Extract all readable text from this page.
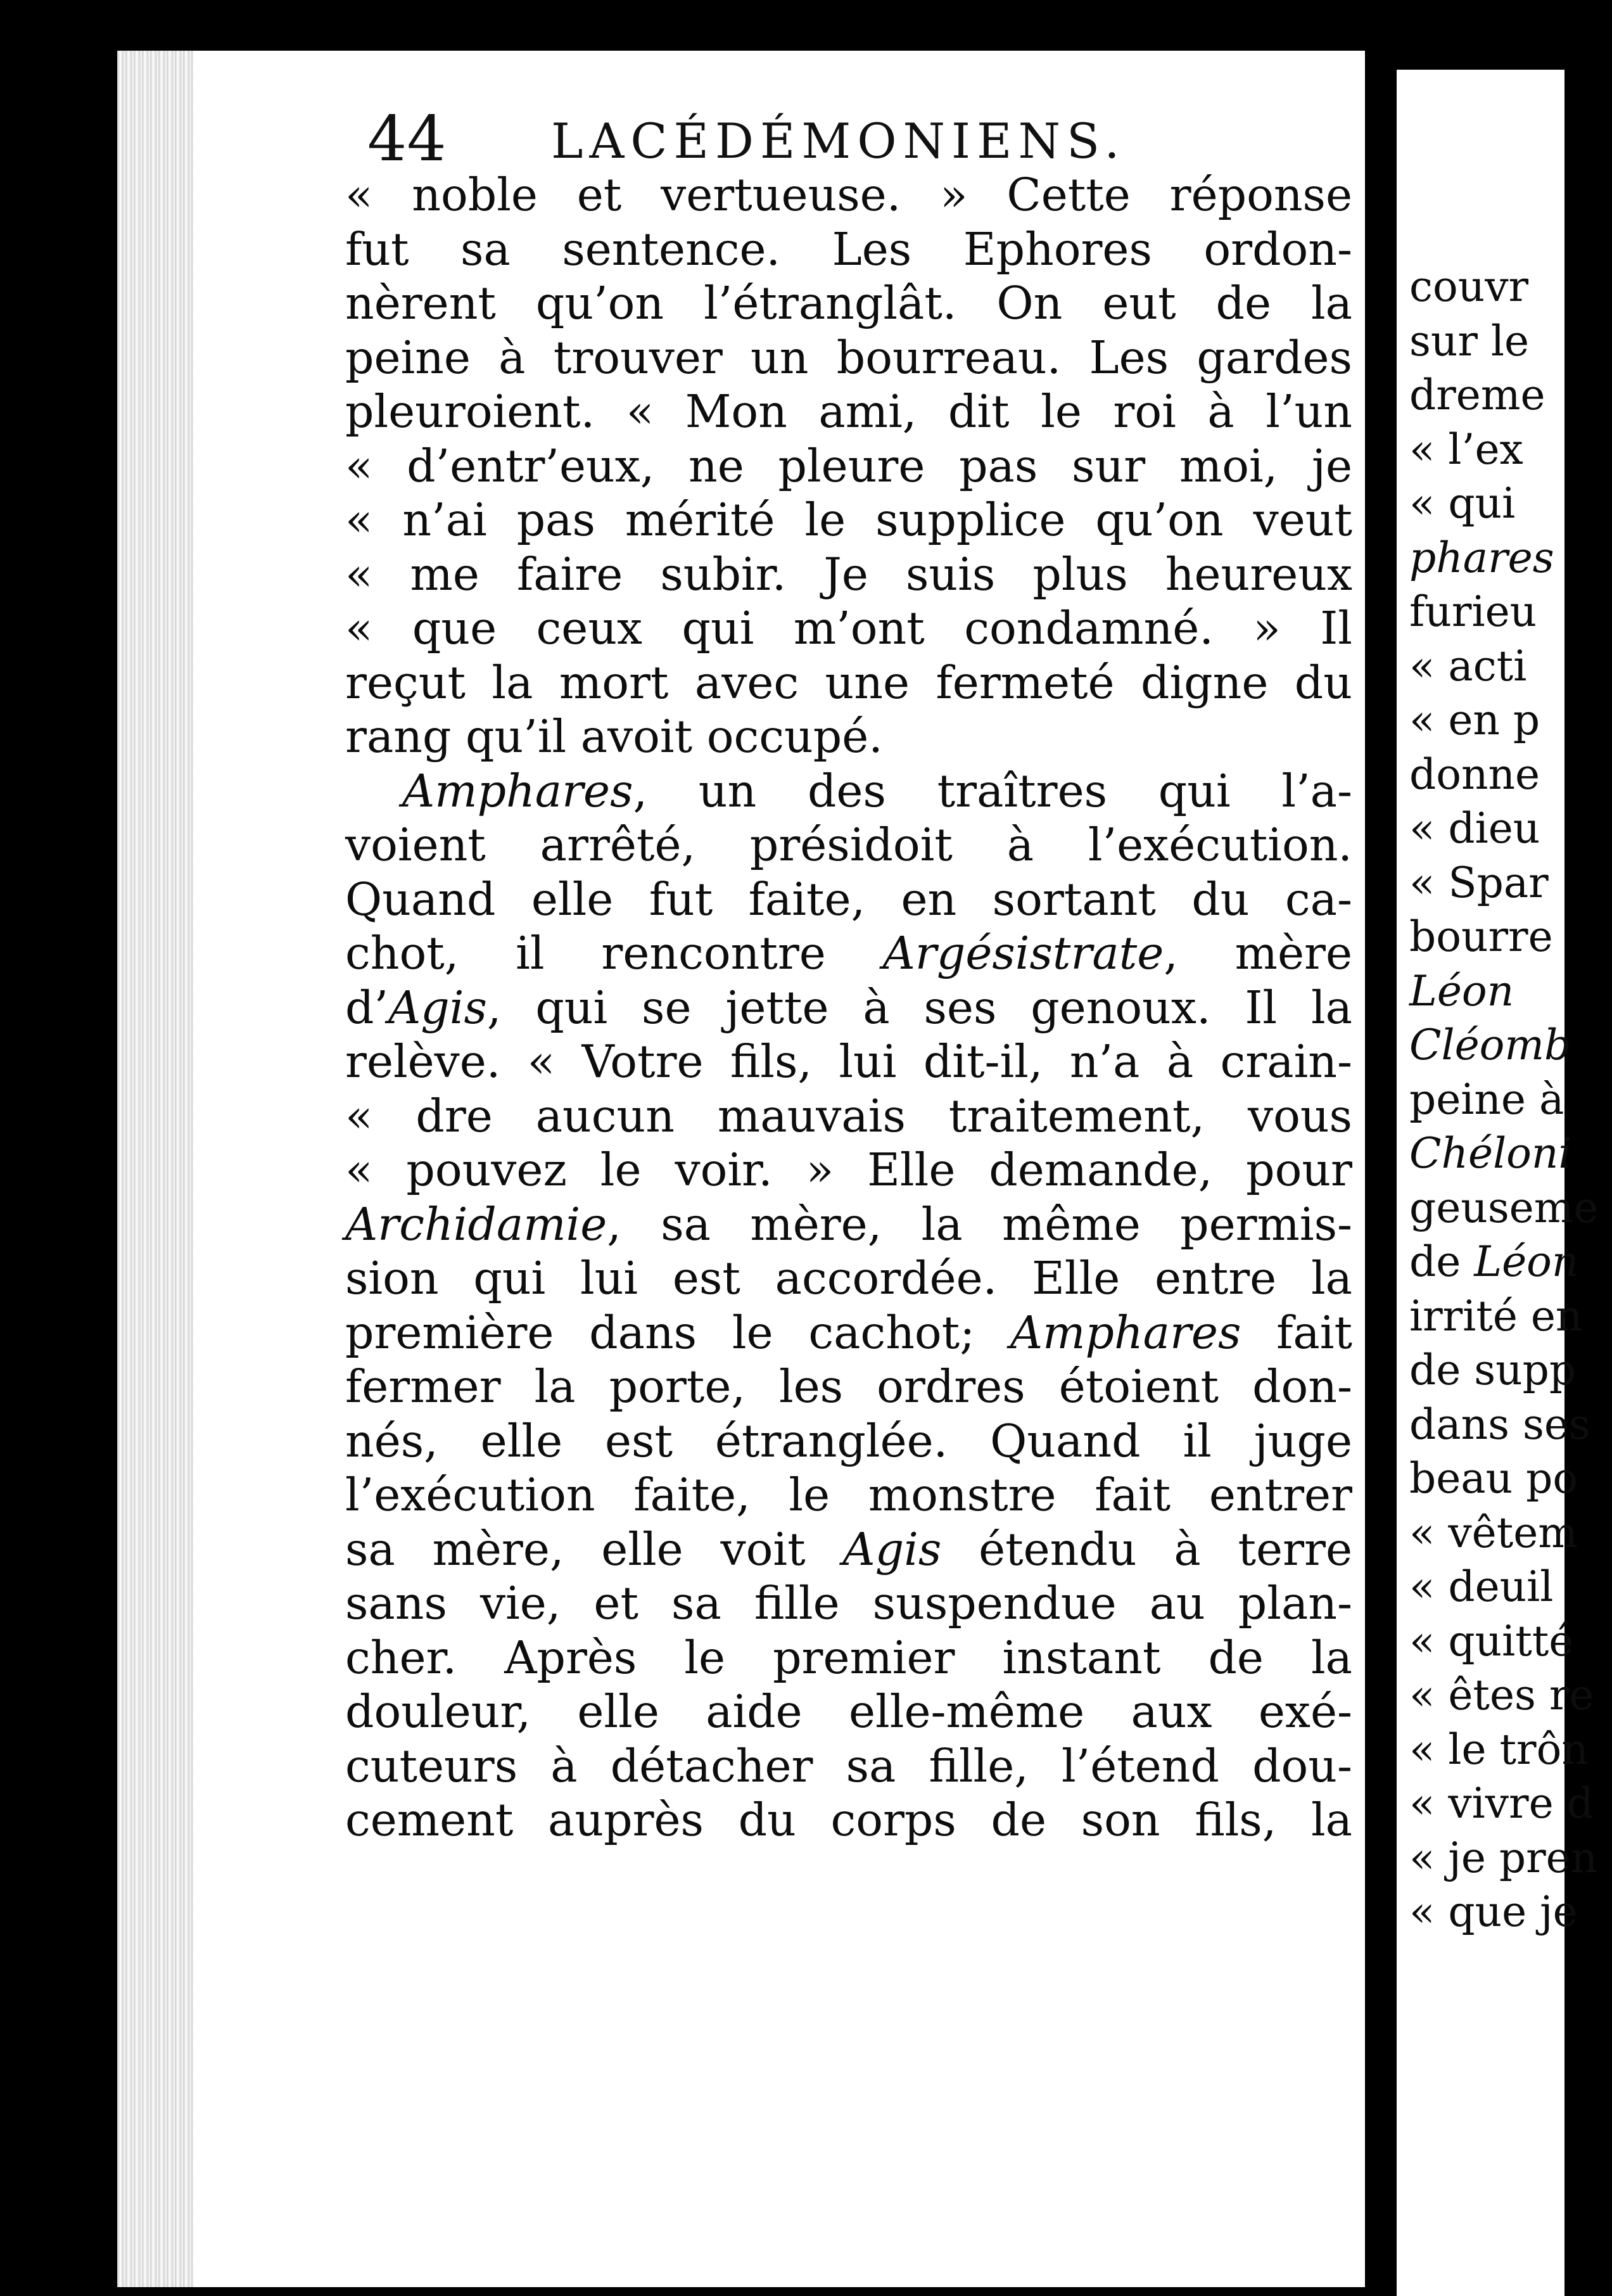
couvr
sur le
dreme
« l’ex
« qui
phares
furieu
« acti
« en p
donne
« dieu
« Spar
bourre
Léon
Cléomb
peine à
Chéloni
geuseme
de Léon
irrité en
de supp
dans ses
beau po
« vêtem
« deuil
« quitté
« êtes re
« le trôn
« vivre d
« je pren
« que je
44 LACÉDÉMONIENS.
« noble et vertueuse. » Cette réponse
fut sa sentence. Les Ephores ordon-
nèrent qu’on l’étranglât. On eut de la
peine à trouver un bourreau. Les gardes
pleuroient. « Mon ami, dit le roi à l’un
« d’entr’eux, ne pleure pas sur moi, je
« n’ai pas mérité le supplice qu’on veut
« me faire subir. Je suis plus heureux
« que ceux qui m’ont condamné. » Il
reçut la mort avec une fermeté digne du
rang qu’il avoit occupé.
Amphares, un des traîtres qui l’a-
voient arrêté, présidoit à l’exécution.
Quand elle fut faite, en sortant du ca-
chot, il rencontre Argésistrate, mère
d’Agis, qui se jette à ses genoux. Il la
relève. « Votre fils, lui dit-il, n’a à crain-
« dre aucun mauvais traitement, vous
« pouvez le voir. » Elle demande, pour
Archidamie, sa mère, la même permis-
sion qui lui est accordée. Elle entre la
première dans le cachot; Amphares fait
fermer la porte, les ordres étoient don-
nés, elle est étranglée. Quand il juge
l’exécution faite, le monstre fait entrer
sa mère, elle voit Agis étendu à terre
sans vie, et sa fille suspendue au plan-
cher. Après le premier instant de la
douleur, elle aide elle-même aux exé-
cuteurs à détacher sa fille, l’étend dou-
cement auprès du corps de son fils, la
